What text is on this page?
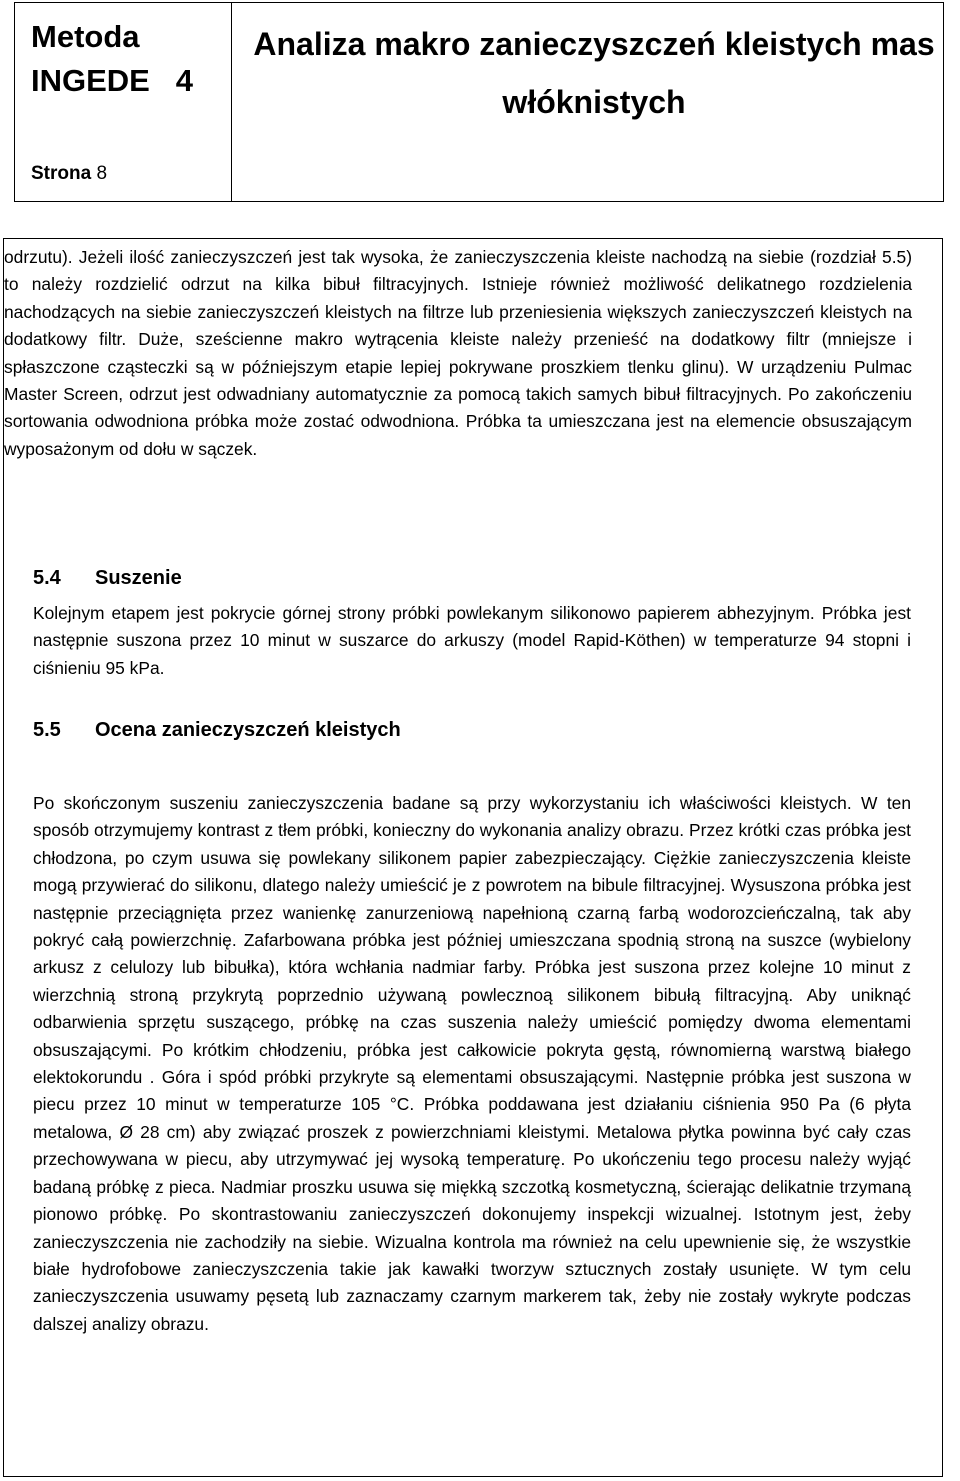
Metoda
INGEDE 4
Strona 8
Analiza makro zanieczyszczeń kleistych mas włóknistych

odrzutu). Jeżeli ilość zanieczyszczeń jest tak wysoka, że zanieczyszczenia kleiste nachodzą na siebie (rozdział 5.5) to należy rozdzielić odrzut na kilka bibuł filtracyjnych. Istnieje również możliwość delikatnego rozdzielenia nachodzących na siebie zanieczyszczeń kleistych na filtrze lub przeniesienia większych zanieczyszczeń kleistych na dodatkowy filtr. Duże, sześcienne makro wytrącenia kleiste należy przenieść na dodatkowy filtr (mniejsze i spłaszczone cząsteczki są w późniejszym etapie lepiej pokrywane proszkiem tlenku glinu). W urządzeniu Pulmac Master Screen, odrzut jest odwadniany automatycznie za pomocą takich samych bibuł filtracyjnych. Po zakończeniu sortowania odwodniona próbka może zostać odwodniona. Próbka ta umieszczana jest na elemencie obsuszającym wyposażonym od dołu w sączek.

5.4 Suszenie

Kolejnym etapem jest pokrycie górnej strony próbki powlekanym silikonowo papierem abhezyjnym. Próbka jest następnie suszona przez 10 minut w suszarce do arkuszy (model Rapid-Köthen) w temperaturze 94 stopni i ciśnieniu 95 kPa.

5.5 Ocena zanieczyszczeń kleistych

Po skończonym suszeniu zanieczyszczenia badane są przy wykorzystaniu ich właściwości kleistych. W ten sposób otrzymujemy kontrast z tłem próbki, konieczny do wykonania analizy obrazu. Przez krótki czas próbka jest chłodzona, po czym usuwa się powlekany silikonem papier zabezpieczający. Ciężkie zanieczyszczenia kleiste mogą przywierać do silikonu, dlatego należy umieścić je z powrotem na bibule filtracyjnej. Wysuszona próbka jest następnie przeciągnięta przez wanienkę zanurzeniową napełnioną czarną farbą wodorozcieńczalną, tak aby pokryć całą powierzchnię. Zafarbowana próbka jest później umieszczana spodnią stroną na suszce (wybielony arkusz z celulozy lub bibułka), która wchłania nadmiar farby. Próbka jest suszona przez kolejne 10 minut z wierzchnią stroną przykrytą poprzednio używaną powlecznoą silikonem bibułą filtracyjną. Aby uniknąć odbarwienia sprzętu suszącego, próbkę na czas suszenia należy umieścić pomiędzy dwoma elementami obsuszającymi. Po krótkim chłodzeniu, próbka jest całkowicie pokryta gęstą, równomierną warstwą białego elektokorundu . Góra i spód próbki przykryte są elementami obsuszającymi. Następnie próbka jest suszona w piecu przez 10 minut w temperaturze 105 °C. Próbka poddawana jest działaniu ciśnienia 950 Pa (6 płyta metalowa, Ø 28 cm) aby związać proszek z powierzchniami kleistymi. Metalowa płytka powinna być cały czas przechowywana w piecu, aby utrzymywać jej wysoką temperaturę. Po ukończeniu tego procesu należy wyjąć badaną próbkę z pieca. Nadmiar proszku usuwa się miękką szczotką kosmetyczną, ścierając delikatnie trzymaną pionowo próbkę. Po skontrastowaniu zanieczyszczeń dokonujemy inspekcji wizualnej. Istotnym jest, żeby zanieczyszczenia nie zachodziły na siebie. Wizualna kontrola ma również na celu upewnienie się, że wszystkie białe hydrofobowe zanieczyszczenia takie jak kawałki tworzyw sztucznych zostały usunięte. W tym celu zanieczyszczenia usuwamy pęsetą lub zaznaczamy czarnym markerem tak, żeby nie zostały wykryte podczas dalszej analizy obrazu.
